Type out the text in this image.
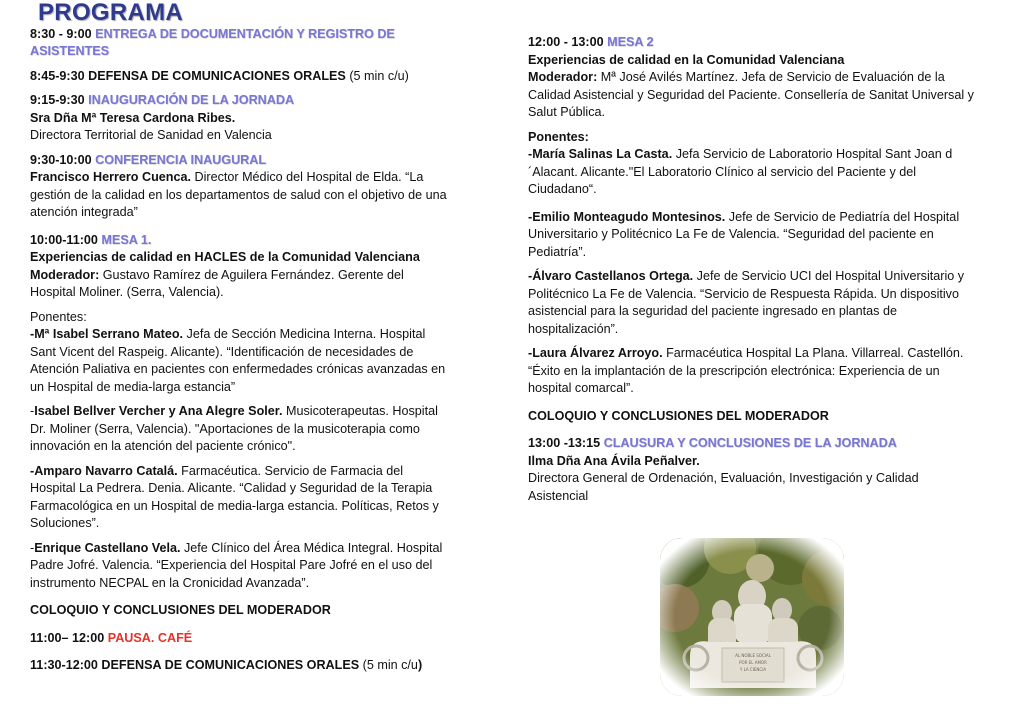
PROGRAMA

8:30 - 9:00 ENTREGA DE DOCUMENTACIÓN Y REGISTRO DE ASISTENTES

8:45-9:30 DEFENSA DE COMUNICACIONES ORALES (5 min c/u)

9:15-9:30 INAUGURACIÓN DE LA JORNADA

Sra Dña Mª Teresa Cardona Ribes.

Directora Territorial de Sanidad en Valencia

9:30-10:00 CONFERENCIA INAUGURAL

Francisco Herrero Cuenca. Director Médico del Hospital de Elda. “La gestión de la calidad en los departamentos de salud con el objetivo de una atención integrada”

10:00-11:00 MESA 1.

Experiencias de calidad en HACLES de la Comunidad Valenciana

Moderador: Gustavo Ramírez de Aguilera Fernández. Gerente del Hospital Moliner. (Serra, Valencia).

Ponentes:

-Mª Isabel Serrano Mateo. Jefa de Sección Medicina Interna. Hospital Sant Vicent del Raspeig. Alicante). “Identificación de necesidades de Atención Paliativa en pacientes con enfermedades crónicas avanzadas en un Hospital de media-larga estancia”

-Isabel Bellver Vercher y Ana Alegre Soler. Musicoterapeutas. Hospital Dr. Moliner (Serra, Valencia). "Aportaciones de la musicoterapia como innovación en la atención del paciente crónico".

-Amparo Navarro Catalá. Farmacéutica. Servicio de Farmacia del Hospital La Pedrera. Denia. Alicante. “Calidad y Seguridad de la Terapia Farmacológica en un Hospital de media-larga estancia. Políticas, Retos y Soluciones”.

-Enrique Castellano Vela. Jefe Clínico del Área Médica Integral. Hospital Padre Jofré. Valencia. “Experiencia del Hospital Pare Jofré en el uso del instrumento NECPAL en la Cronicidad Avanzada”.

COLOQUIO Y CONCLUSIONES DEL MODERADOR

11:00– 12:00 PAUSA. CAFÉ

11:30-12:00 DEFENSA DE COMUNICACIONES ORALES (5 min c/u)

12:00 - 13:00 MESA 2

Experiencias de calidad en la Comunidad Valenciana

Moderador: Mª José Avilés Martínez. Jefa de Servicio de Evaluación de la Calidad Asistencial y Seguridad del Paciente. Consellería de Sanitat Universal y Salut Pública.

Ponentes:

-María Salinas La Casta. Jefa Servicio de Laboratorio Hospital Sant Joan d´Alacant. Alicante."El Laboratorio Clínico al servicio del Paciente y del Ciudadano“.

-Emilio Monteagudo Montesinos. Jefe de Servicio de Pediatría del Hospital Universitario y Politécnico La Fe de Valencia. “Seguridad del paciente en Pediatría”.

-Álvaro Castellanos Ortega. Jefe de Servicio UCI del Hospital Universitario y Politécnico La Fe de Valencia. “Servicio de Respuesta Rápida. Un dispositivo asistencial para la seguridad del paciente ingresado en plantas de hospitalización”.

-Laura Álvarez Arroyo. Farmacéutica Hospital La Plana. Villarreal. Castellón. “Éxito en la implantación de la prescripción electrónica: Experiencia de un hospital comarcal”.

COLOQUIO Y CONCLUSIONES DEL MODERADOR

13:00 -13:15 CLAUSURA Y CONCLUSIONES DE LA JORNADA

Ilma Dña Ana Ávila Peñalver.

Directora General de Ordenación, Evaluación, Investigación y Calidad Asistencial
